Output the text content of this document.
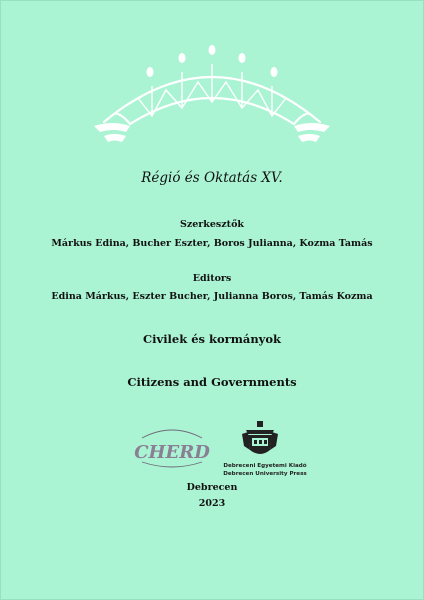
Régió és Oktatás XV.
Szerkesztők
Márkus Edina, Bucher Eszter, Boros Julianna, Kozma Tamás
Editors
Edina Márkus, Eszter Bucher, Julianna Boros, Tamás Kozma
Civilek és kormányok
Citizens and Governments
CHERD
Debreceni Egyetemi Kiadó
Debrecen University Press
Debrecen
2023
